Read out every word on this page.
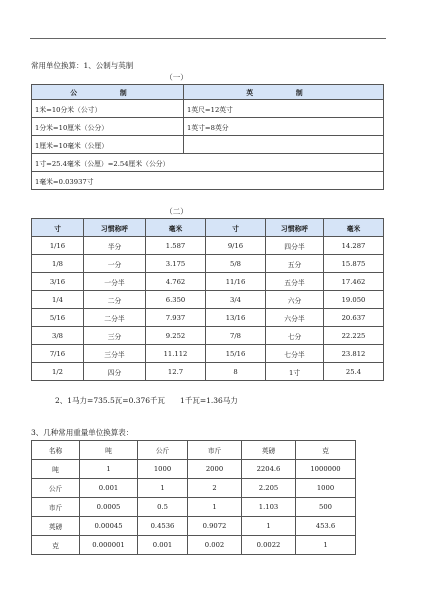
常用单位换算：1、公制与英制
（一）
公　制	英　制
1米=10分米（公寸）	1英尺=12英寸
1分米=10厘米（公分）	1英寸=8英分
1厘米=10毫米（公厘）	
1寸=25.4毫米（公厘）=2.54厘米（公分）	
1毫米=0.03937寸	
（二）
寸	习惯称呼	毫米	寸	习惯称呼	毫米
1/16	半分	1.587	9/16	四分半	14.287
1/8	一分	3.175	5/8	五分	15.875
3/16	一分半	4.762	11/16	五分半	17.462
1/4	二分	6.350	3/4	六分	19.050
5/16	二分半	7.937	13/16	六分半	20.637
3/8	三分	9.252	7/8	七分	22.225
7/16	三分半	11.112	15/16	七分半	23.812
1/2	四分	12.7	8	1寸	25.4
2、1马力=735.5瓦=0.376千瓦　　1千瓦=1.36马力
3、几种常用重量单位换算表：
名称	吨	公斤	市斤	英磅	克
吨	1	1000	2000	2204.6	1000000
公斤	0.001	1	2	2.205	1000
市斤	0.0005	0.5	1	1.103	500
英磅	0.00045	0.4536	0.9072	1	453.6
克	0.000001	0.001	0.002	0.0022	1
